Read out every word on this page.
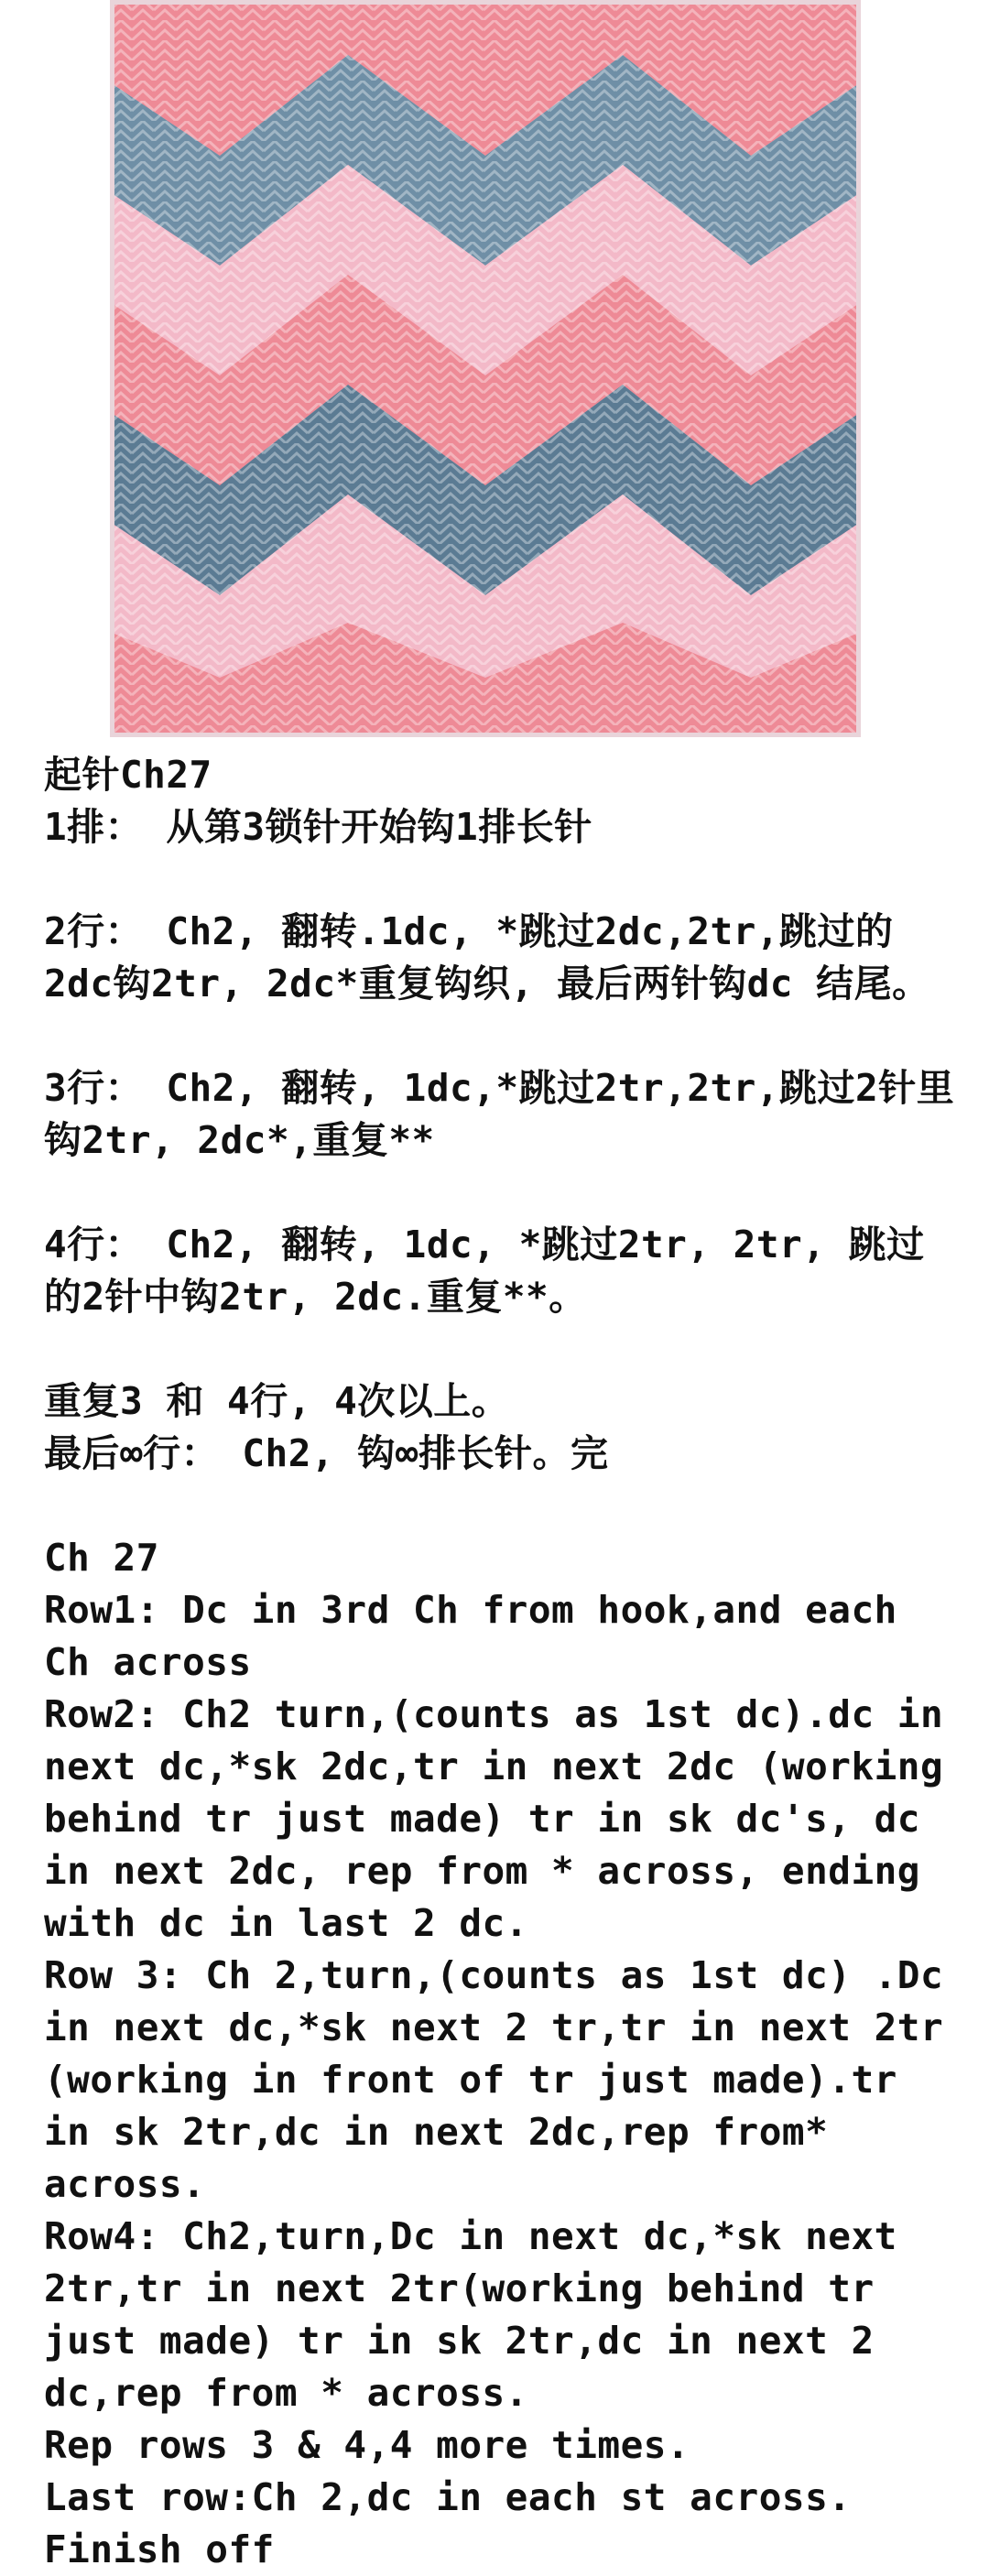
起针Ch27

1排： 从第3锁针开始钩1排长针

2行： Ch2, 翻转.1dc, *跳过2dc,2tr,跳过的2dc钩2tr, 2dc*重复钩织, 最后两针钩dc 结尾。

3行： Ch2, 翻转, 1dc,*跳过2tr,2tr,跳过2针里钩2tr, 2dc*,重复**

4行： Ch2, 翻转, 1dc, *跳过2tr, 2tr, 跳过的2针中钩2tr, 2dc.重复**。

重复3 和 4行, 4次以上。

最后∞行： Ch2, 钩∞排长针。完

Ch 27

Row1: Dc in 3rd Ch from hook,and each Ch across

Row2: Ch2 turn,(counts as 1st dc).dc in next dc,*sk 2dc,tr in next 2dc (working behind tr just made) tr in sk dc's, dc in next 2dc, rep from * across, ending with dc in last 2 dc.

Row 3: Ch 2,turn,(counts as 1st dc) .Dc in next dc,*sk next 2 tr,tr in next 2tr (working in front of tr just made).tr in sk 2tr,dc in next 2dc,rep from* across.

Row4: Ch2,turn,Dc in next dc,*sk next 2tr,tr in next 2tr(working behind tr just made) tr in sk 2tr,dc in next 2 dc,rep from * across.

Rep rows 3 & 4,4 more times.

Last row:Ch 2,dc in each st across. Finish off
